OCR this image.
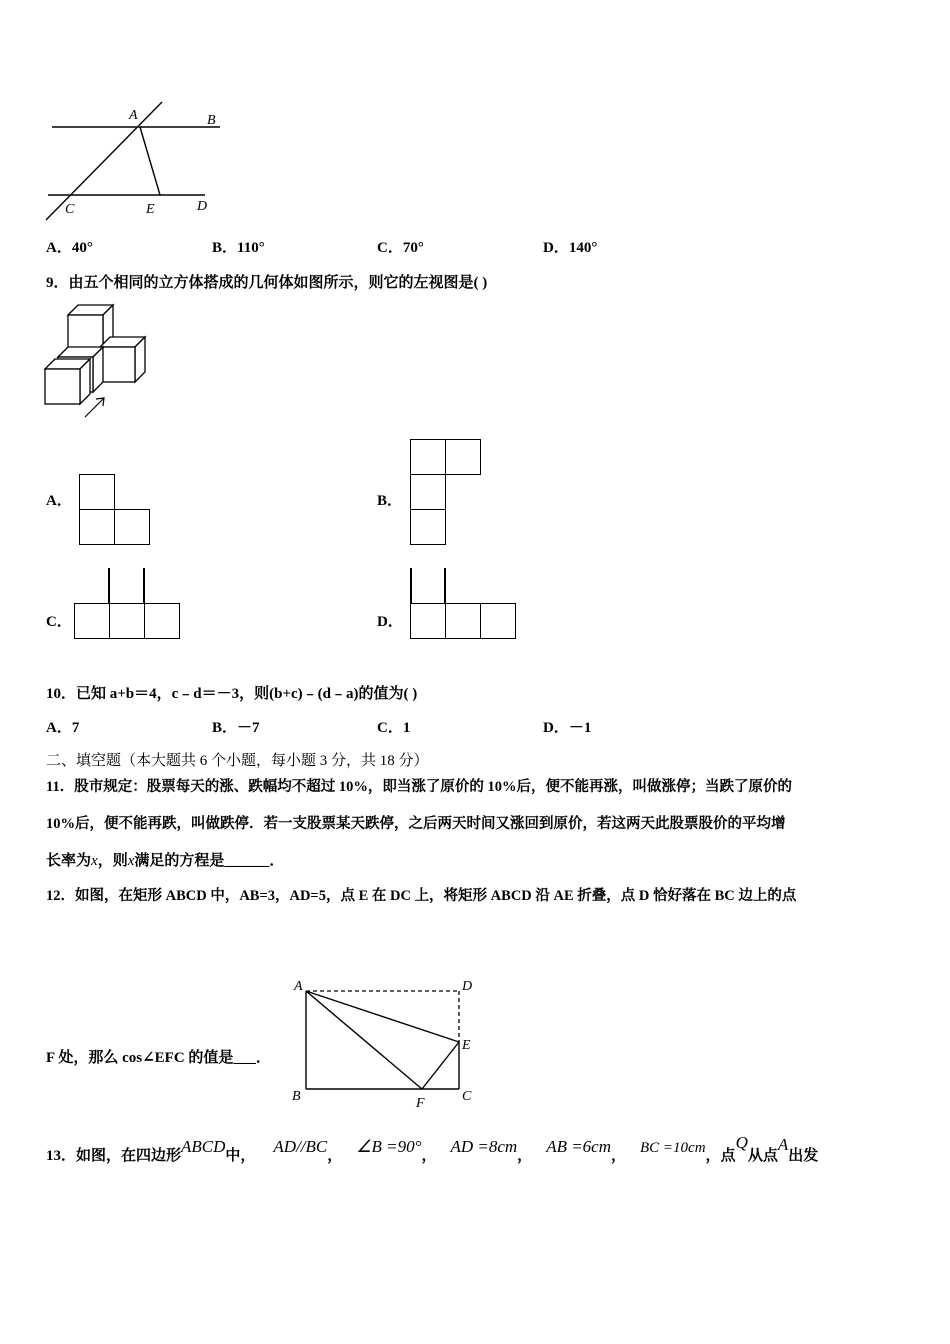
A	B
C	E	D
A．40°	B．110°	C．70°	D．140°
9．由五个相同的立方体搭成的几何体如图所示，则它的左视图是( )
A．	B．
C．	D．
10．已知 a+b＝4，c﹣d＝－3，则(b+c)﹣(d﹣a)的值为( )
A．7	B．－7	C．1	D．－1
二、填空题（本大题共 6 个小题，每小题 3 分，共 18 分）
11．股市规定：股票每天的涨、跌幅均不超过 10%，即当涨了原价的 10%后，便不能再涨，叫做涨停；当跌了原价的
10%后，便不能再跌，叫做跌停．若一支股票某天跌停，之后两天时间又涨回到原价，若这两天此股票股价的平均增
长率为x，则x满足的方程是______．
12．如图，在矩形 ABCD 中，AB=3，AD=5，点 E 在 DC 上，将矩形 ABCD 沿 AE 折叠，点 D 恰好落在 BC 边上的点
F 处，那么 cos∠EFC 的值是___．
A	D
E
B	F	C
13．如图，在四边形ABCD中， AD//BC， ∠B =90°， AD =8cm， AB =6cm， BC =10cm，点Q从点A出发
